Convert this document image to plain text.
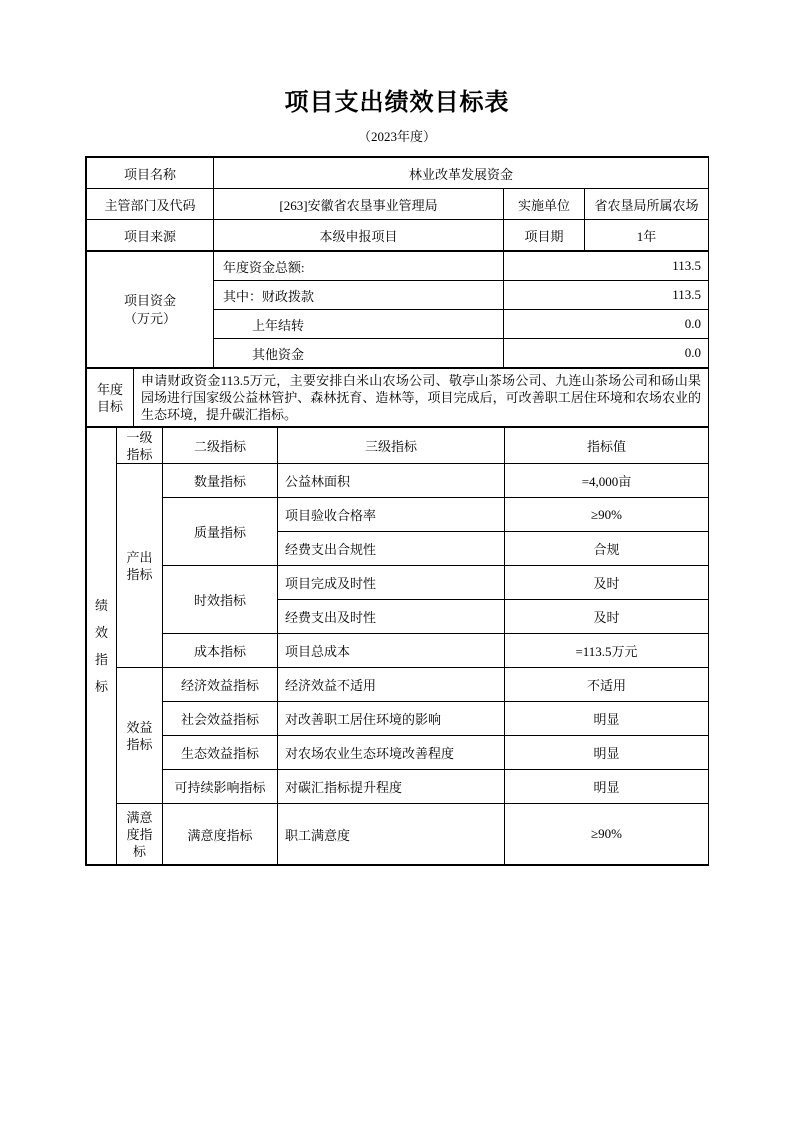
项目支出绩效目标表
（2023年度）
项目名称	林业改革发展资金		
主管部门及代码	[263]安徽省农垦事业管理局	实施单位	省农垦局所属农场
项目来源	本级申报项目	项目期	1年
项目资金
（万元）	年度资金总额:	113.5
	其中：财政拨款	113.5
	上年结转	0.0
	其他资金	0.0
年度目标
	申请财政资金113.5万元，主要安排白米山农场公司、敬亭山茶场公司、九连山茶场公司和砀山果园场进行国家级公益林管护、森林抚育、造林等，项目完成后，可改善职工居住环境和农场农业的生态环境，提升碳汇指标。
绩效指标	一级指标	二级指标	三级指标	指标值

	产出指标	数量指标	公益林面积	=4,000亩
		质量指标	项目验收合格率	≥90%
			经费支出合规性	合规
		时效指标	项目完成及时性	及时
			经费支出及时性	及时
		成本指标	项目总成本	=113.5万元

	效益指标	经济效益指标	经济效益不适用	不适用
		社会效益指标	对改善职工居住环境的影响	明显
		生态效益指标	对农场农业生态环境改善程度	明显
		可持续影响指标	对碳汇指标提升程度	明显

	满意度指标	满意度指标	职工满意度	≥90%
